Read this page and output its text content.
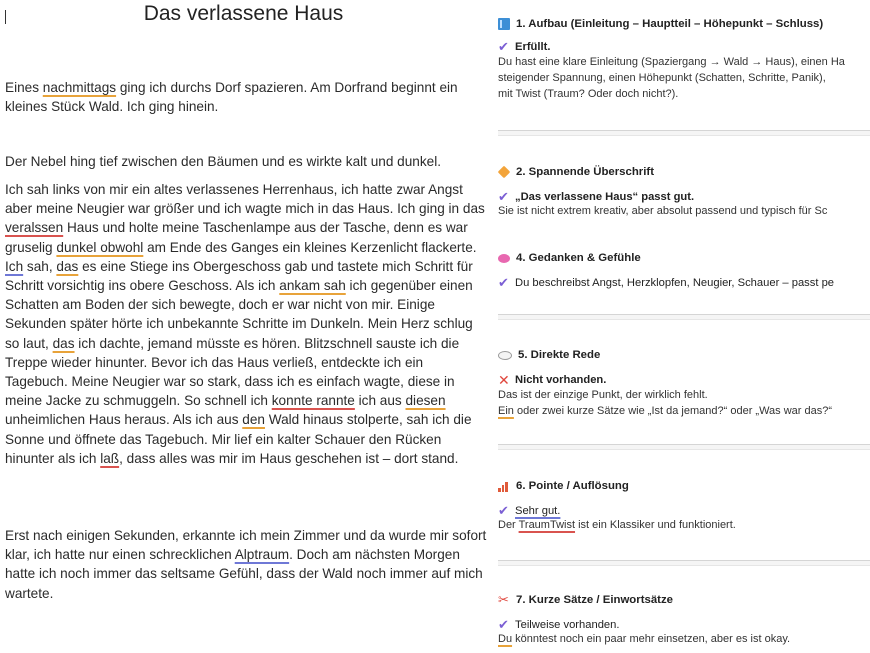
Das verlassene Haus

Eines nachmittags ging ich durchs Dorf spazieren. Am Dorfrand beginnt ein kleines Stück Wald. Ich ging hinein.

Der Nebel hing tief zwischen den Bäumen und es wirkte kalt und dunkel.

Ich sah links von mir ein altes verlassenes Herrenhaus, ich hatte zwar Angst aber meine Neugier war größer und ich wagte mich in das Haus. Ich ging in das veralssen Haus und holte meine Taschenlampe aus der Tasche, denn es war gruselig dunkel obwohl am Ende des Ganges ein kleines Kerzenlicht flackerte. Ich sah, das es eine Stiege ins Obergeschoss gab und tastete mich Schritt für Schritt vorsichtig ins obere Geschoss. Als ich ankam sah ich gegenüber einen Schatten am Boden der sich bewegte, doch er war nicht von mir. Einige Sekunden später hörte ich unbekannte Schritte im Dunkeln. Mein Herz schlug so laut, das ich dachte, jemand müsste es hören. Blitzschnell sauste ich die Treppe wieder hinunter. Bevor ich das Haus verließ, entdeckte ich ein Tagebuch. Meine Neugier war so stark, dass ich es einfach wagte, diese in meine Jacke zu schmuggeln. So schnell ich konnte rannte ich aus diesen unheimlichen Haus heraus. Als ich aus den Wald hinaus stolperte, sah ich die Sonne und öffnete das Tagebuch. Mir lief ein kalter Schauer den Rücken hinunter als ich laß, dass alles was mir im Haus geschehen ist – dort stand.

Erst nach einigen Sekunden, erkannte ich mein Zimmer und da wurde mir sofort klar, ich hatte nur einen schrecklichen Alptraum. Doch am nächsten Morgen hatte ich noch immer das seltsame Gefühl, dass der Wald noch immer auf mich wartete.

1. Aufbau (Einleitung – Hauptteil – Höhepunkt – Schluss)
✔ Erfüllt.
Du hast eine klare Einleitung (Spaziergang → Wald → Haus), einen Ha
steigender Spannung, einen Höhepunkt (Schatten, Schritte, Panik),
mit Twist (Traum? Oder doch nicht?).
2. Spannende Überschrift
✔ „Das verlassene Haus“ passt gut.
Sie ist nicht extrem kreativ, aber absolut passend und typisch für Sc
4. Gedanken & Gefühle
✔ Du beschreibst Angst, Herzklopfen, Neugier, Schauer – passt pe
5. Direkte Rede
✕ Nicht vorhanden.
Das ist der einzige Punkt, der wirklich fehlt.
Ein oder zwei kurze Sätze wie „Ist da jemand?“ oder „Was war das?“
6. Pointe / Auflösung
✔ Sehr gut.
Der TraumTwist ist ein Klassiker und funktioniert.
✂ 7. Kurze Sätze / Einwortsätze
✔ Teilweise vorhanden.
Du könntest noch ein paar mehr einsetzen, aber es ist okay.
